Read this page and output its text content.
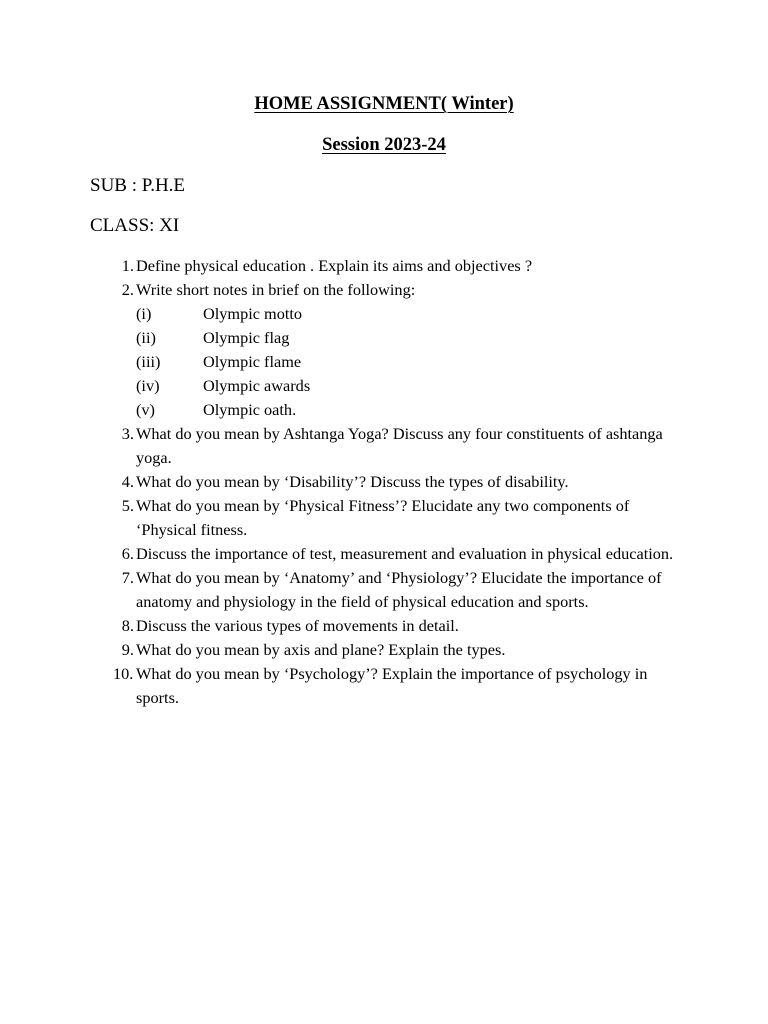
HOME ASSIGNMENT( Winter)

Session 2023-24

SUB : P.H.E

CLASS: XI

1. Define physical education . Explain its aims and objectives ?
2. Write short notes in brief on the following:
(i)	Olympic motto
(ii)	Olympic flag
(iii)	Olympic flame
(iv)	Olympic awards
(v)	Olympic oath.
3. What do you mean by Ashtanga Yoga? Discuss any four constituents of ashtanga yoga.
4. What do you mean by ‘Disability’? Discuss the types of disability.
5. What do you mean by ‘Physical Fitness’? Elucidate any two components of ‘Physical fitness.
6. Discuss the importance of test, measurement and evaluation in physical education.
7. What do you mean by ‘Anatomy’ and ‘Physiology’? Elucidate the importance of anatomy and physiology in the field of physical education and sports.
8. Discuss the various types of movements in detail.
9. What do you mean by axis and plane? Explain the types.
10. What do you mean by ‘Psychology’? Explain the importance of psychology in sports.
